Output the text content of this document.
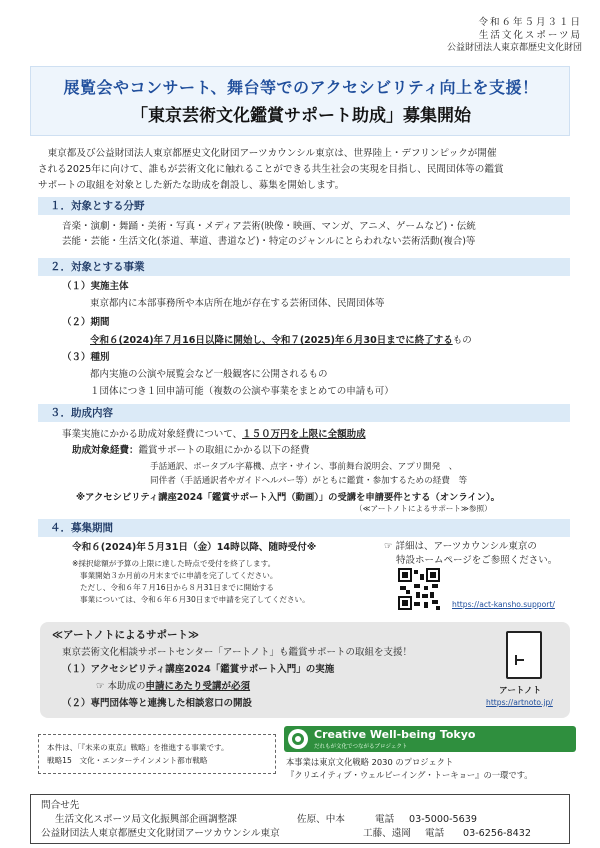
令和６年５月３１日
生活文化スポーツ局
公益財団法人東京都歴史文化財団
展覧会やコンサート、舞台等でのアクセシビリティ向上を支援！
「東京芸術文化鑑賞サポート助成」募集開始
東京都及び公益財団法人東京都歴史文化財団アーツカウンシル東京は、世界陸上・デフリンピックが開催
される2025年に向けて、誰もが芸術文化に触れることができる共生社会の実現を目指し、民間団体等の鑑賞
サポートの取組を対象とした新たな助成を創設し、募集を開始します。
１．対象とする分野
音楽・演劇・舞踊・美術・写真・メディア芸術(映像・映画、マンガ、アニメ、ゲームなど)・伝統
芸能・芸能・生活文化(茶道、華道、書道など)・特定のジャンルにとらわれない芸術活動(複合)等
２．対象とする事業
（１）実施主体
東京都内に本部事務所や本店所在地が存在する芸術団体、民間団体等
（２）期間
令和６(2024)年７月16日以降に開始し、令和７(2025)年６月30日までに終了するもの
（３）種別
都内実施の公演や展覧会など一般観客に公開されるもの
１団体につき１回申請可能（複数の公演や事業をまとめての申請も可）
３．助成内容
事業実施にかかる助成対象経費について、１５０万円を上限に全額助成
助成対象経費：鑑賞サポートの取組にかかる以下の経費
手話通訳、ポータブル字幕機、点字・サイン、事前舞台説明会、アプリ開発　、
同伴者（手話通訳者やガイドヘルパー等）がともに鑑賞・参加するための経費　等
※アクセシビリティ講座2024「鑑賞サポート入門（動画）」の受講を申請要件とする（オンライン）。
（≪アートノトによるサポート≫参照）
４．募集期間
令和６(2024)年５月31日（金）14時以降、随時受付※
※採択総額が予算の上限に達した時点で受付を終了します。
事業開始３か月前の月末までに申請を完了してください。
ただし、令和６年７月16日から８月31日までに開始する
事業については、令和６年６月30日まで申請を完了してください。
☞ 詳細は、アーツカウンシル東京の
特設ホームページをご参照ください。
https://act-kansho.support/
≪アートノトによるサポート≫
東京芸術文化相談サポートセンター「アートノト」も鑑賞サポートの取組を支援！
（１）アクセシビリティ講座2024「鑑賞サポート入門」の実施
☞ 本助成の申請にあたり受講が必須
（２）専門団体等と連携した相談窓口の開設
アートノト
https://artnoto.jp/
本件は、「『未来の東京』戦略」を推進する事業です。
戦略15　文化・エンターテインメント都市戦略
Creative Well-being Tokyo
だれもが文化でつながるプロジェクト
本事業は東京文化戦略 2030 のプロジェクト
『クリエイティブ・ウェルビーイング・トーキョー』の一環です。
問合せ先
生活文化スポーツ局文化振興部企画調整課	佐原、中本	電話 03-5000-5639
公益財団法人東京都歴史文化財団アーツカウンシル東京	工藤、遠岡 電話 03-6256-8432
